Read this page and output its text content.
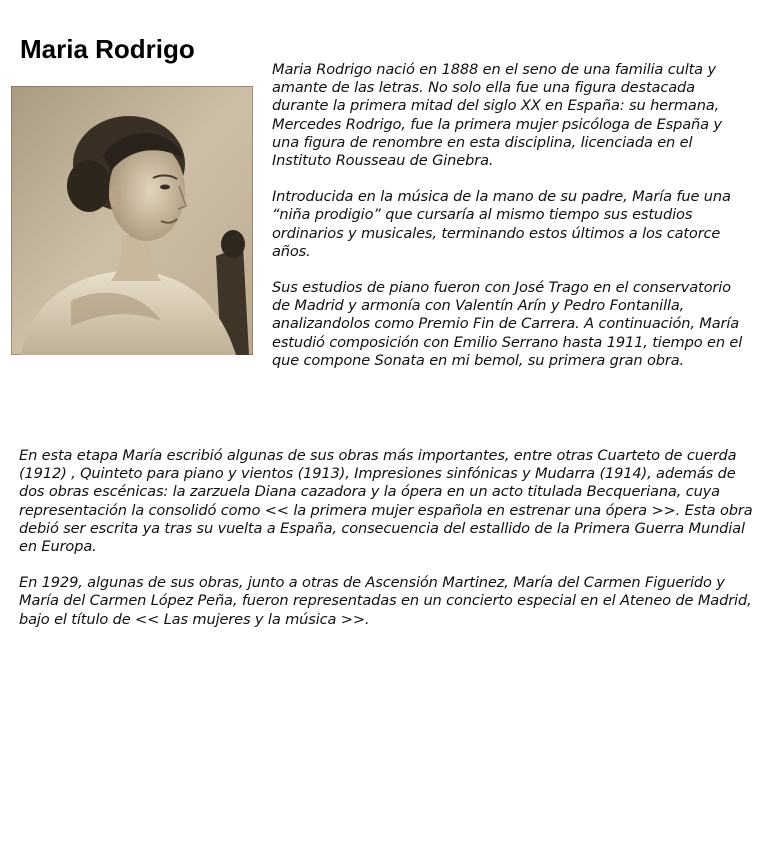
Maria Rodrigo

Maria Rodrigo nació en 1888 en el seno de una familia culta y amante de las letras. No solo ella fue una figura destacada durante la primera mitad del siglo XX en España: su hermana, Mercedes Rodrigo, fue la primera mujer psicóloga de España y una figura de renombre en esta disciplina, licenciada en el Instituto Rousseau de Ginebra.

Introducida en la música de la mano de su padre, María fue una “niña prodigio” que cursaría al mismo tiempo sus estudios ordinarios y musicales, terminando estos últimos a los catorce años.

Sus estudios de piano fueron con José Trago en el conservatorio de Madrid y armonía con Valentín Arín y Pedro Fontanilla, analizandolos como Premio Fin de Carrera. A continuación, María estudió composición con Emilio Serrano hasta 1911, tiempo en el que compone Sonata en mi bemol, su primera gran obra.

En esta etapa María escribió algunas de sus obras más importantes, entre otras Cuarteto de cuerda (1912) , Quinteto para piano y vientos (1913), Impresiones sinfónicas y Mudarra (1914), además de dos obras escénicas: la zarzuela Diana cazadora y la ópera en un acto titulada Becqueriana, cuya representación la consolidó como << la primera mujer española en estrenar una ópera >>. Esta obra debió ser escrita ya tras su vuelta a España, consecuencia del estallido de la Primera Guerra Mundial en Europa.

En 1929, algunas de sus obras, junto a otras de Ascensión Martinez, María del Carmen Figuerido y María del Carmen López Peña, fueron representadas en un concierto especial en el Ateneo de Madrid, bajo el título de << Las mujeres y la música >>.
